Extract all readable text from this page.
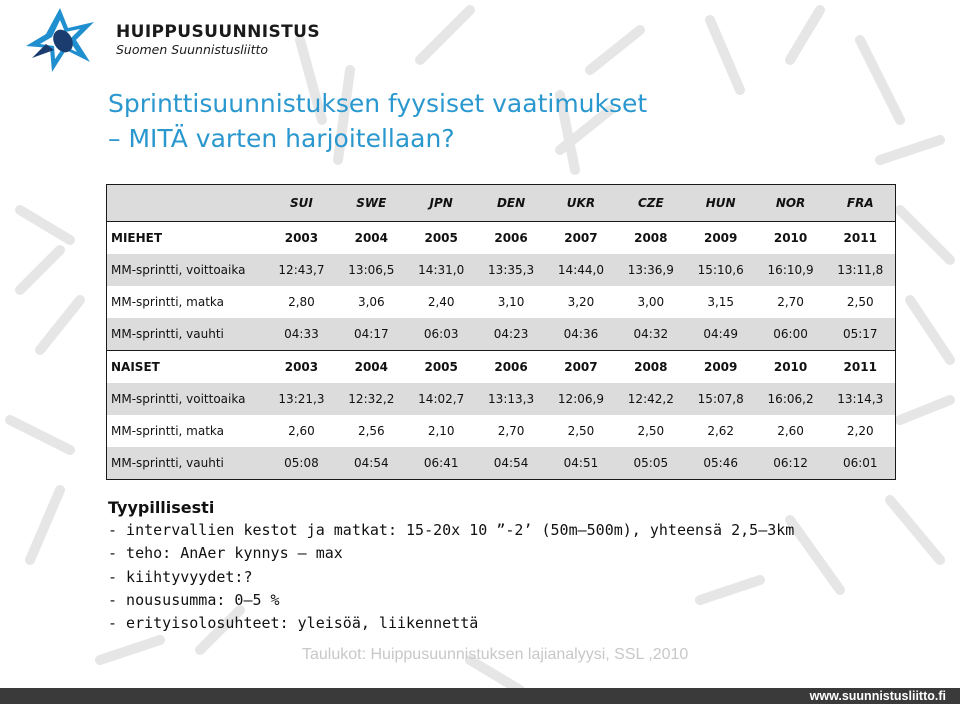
HUIPPUSUUNNISTUS
Suomen Suunnistusliitto
Sprinttisuunnistuksen fyysiset vaatimukset
– MITÄ varten harjoitellaan?
	SUI	SWE	JPN	DEN	UKR	CZE	HUN	NOR	FRA
MIEHET	2003	2004	2005	2006	2007	2008	2009	2010	2011
MM-sprintti, voittoaika	12:43,7	13:06,5	14:31,0	13:35,3	14:44,0	13:36,9	15:10,6	16:10,9	13:11,8
MM-sprintti, matka	2,80	3,06	2,40	3,10	3,20	3,00	3,15	2,70	2,50
MM-sprintti, vauhti	04:33	04:17	06:03	04:23	04:36	04:32	04:49	06:00	05:17
NAISET	2003	2004	2005	2006	2007	2008	2009	2010	2011
MM-sprintti, voittoaika	13:21,3	12:32,2	14:02,7	13:13,3	12:06,9	12:42,2	15:07,8	16:06,2	13:14,3
MM-sprintti, matka	2,60	2,56	2,10	2,70	2,50	2,50	2,62	2,60	2,20
MM-sprintti, vauhti	05:08	04:54	06:41	04:54	04:51	05:05	05:46	06:12	06:01
Tyypillisesti
- intervallien kestot ja matkat: 15-20x 10 ”-2’ (50m–500m), yhteensä 2,5–3km
- teho: AnAer kynnys – max
- kiihtyvyydet:?
- noususumma: 0–5 %
- erityisolosuhteet: yleisöä, liikennettä
Taulukot: Huippusuunnistuksen lajianalyysi, SSL ,2010
www.suunnistusliitto.fi
